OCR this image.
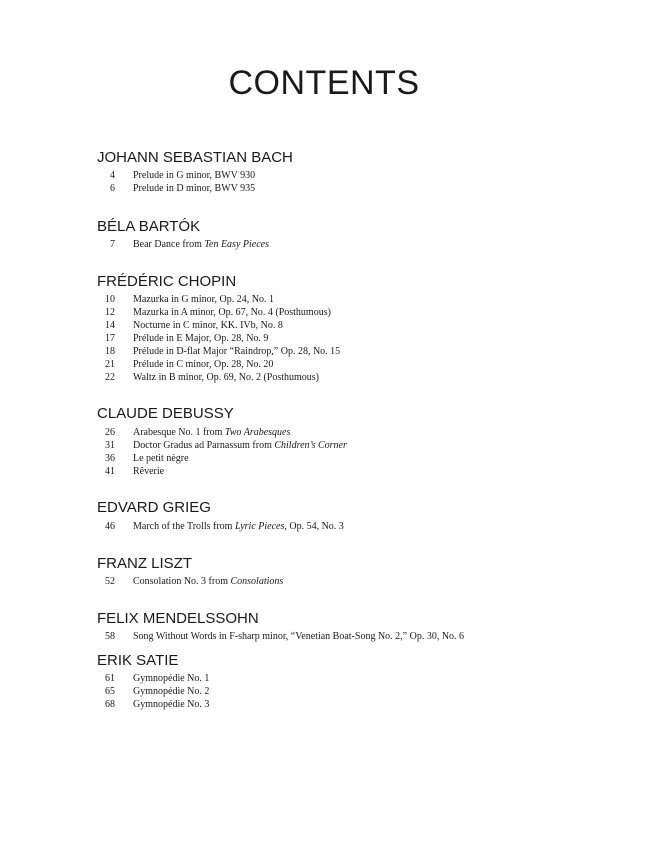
CONTENTS
JOHANN SEBASTIAN BACH
4 Prelude in G minor, BWV 930
6 Prelude in D minor, BWV 935
BÉLA BARTÓK
7 Bear Dance from Ten Easy Pieces
FRÉDÉRIC CHOPIN
10 Mazurka in G minor, Op. 24, No. 1
12 Mazurka in A minor, Op. 67, No. 4 (Posthumous)
14 Nocturne in C minor, KK. IVb, No. 8
17 Prélude in E Major, Op. 28, No. 9
18 Prélude in D-flat Major “Raindrop,” Op. 28, No. 15
21 Prélude in C minor, Op. 28, No. 20
22 Waltz in B minor, Op. 69, No. 2 (Posthumous)
CLAUDE DEBUSSY
26 Arabesque No. 1 from Two Arabesques
31 Doctor Gradus ad Parnassum from Children’s Corner
36 Le petit nègre
41 Rêverie
EDVARD GRIEG
46 March of the Trolls from Lyric Pieces, Op. 54, No. 3
FRANZ LISZT
52 Consolation No. 3 from Consolations
FELIX MENDELSSOHN
58 Song Without Words in F-sharp minor, “Venetian Boat-Song No. 2,” Op. 30, No. 6
ERIK SATIE
61 Gymnopédie No. 1
65 Gymnopédie No. 2
68 Gymnopédie No. 3
